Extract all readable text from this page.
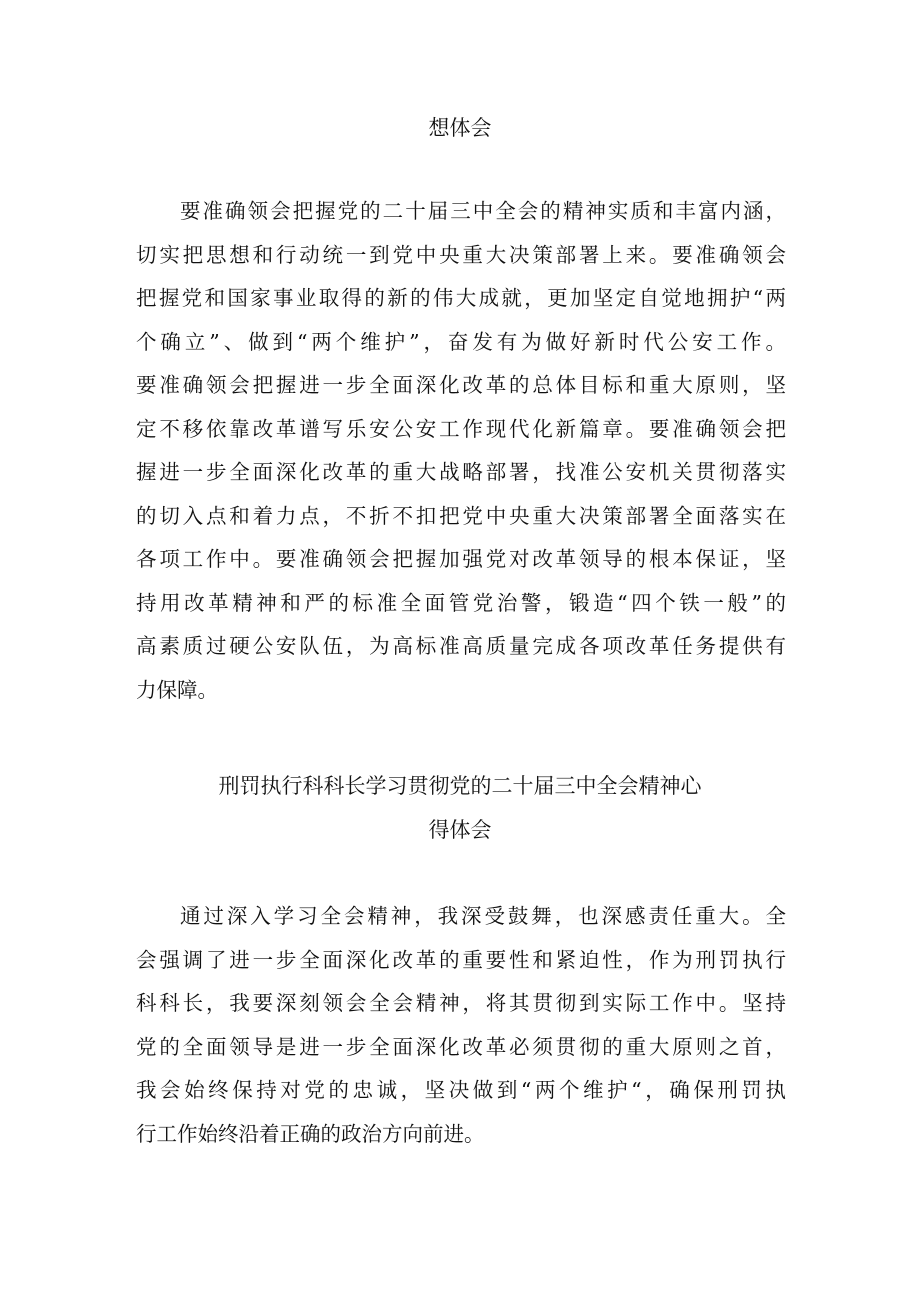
想体会
要准确领会把握党的二十届三中全会的精神实质和丰富内涵，
切实把思想和行动统一到党中央重大决策部署上来。要准确领会
把握党和国家事业取得的新的伟大成就，更加坚定自觉地拥护“两
个确立”、做到“两个维护”，奋发有为做好新时代公安工作。
要准确领会把握进一步全面深化改革的总体目标和重大原则，坚
定不移依靠改革谱写乐安公安工作现代化新篇章。要准确领会把
握进一步全面深化改革的重大战略部署，找准公安机关贯彻落实
的切入点和着力点，不折不扣把党中央重大决策部署全面落实在
各项工作中。要准确领会把握加强党对改革领导的根本保证，坚
持用改革精神和严的标准全面管党治警，锻造“四个铁一般”的
高素质过硬公安队伍，为高标准高质量完成各项改革任务提供有
力保障。
刑罚执行科科长学习贯彻党的二十届三中全会精神心
得体会
通过深入学习全会精神，我深受鼓舞，也深感责任重大。全
会强调了进一步全面深化改革的重要性和紧迫性，作为刑罚执行
科科长，我要深刻领会全会精神，将其贯彻到实际工作中。坚持
党的全面领导是进一步全面深化改革必须贯彻的重大原则之首，
我会始终保持对党的忠诚，坚决做到“两个维护“，确保刑罚执
行工作始终沿着正确的政治方向前进。
